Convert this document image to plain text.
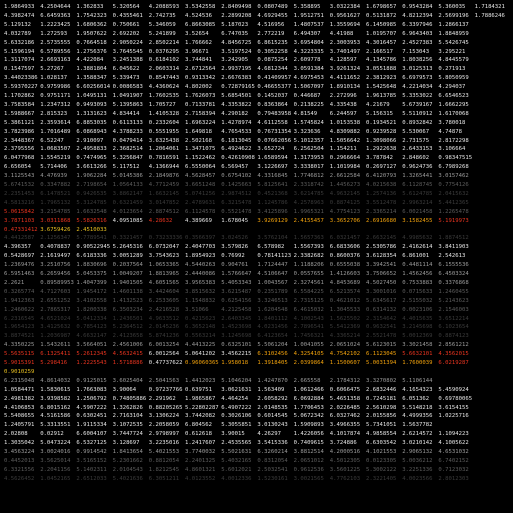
1.9864933 4.2504644 1.362833 5.320564 4.2088593 3.5342558 2.8409498 0.0807489 5.358895 3.0322384 1.6798657 0.9543284 5.360035 1.7184321
4.3982474 6.6459363 1.7542323 0.4355461 2.742735 4.524536 2.2899208 4.6929455 1.9512751 0.9561627 0.5131872 4.8212394 2.5699196 1.7886246
5.129132 1.2223425 1.6806362 0.750661 5.346059 6.8663085 5.187023 4.516956 1.4807537 1.3559694 6.1450985 6.3397946 1.2866137
4.032789 1.272593 1.9507622 2.692202 5.241899 3.52654 6.747035 2.772219 6.494307 4.41988 1.0195707 6.9643403 1.8848959
5.6332186 2.5735555 0.7664518 2.9050224 2.8502214 1.766662 4.8456725 6.8615235 3.6954804 2.3003953 4.3016457 2.4527383 5.5426745
5.1596194 6.5789556 1.2756376 3.7645545 0.0376295 3.96671 3.5197524 0.3052258 4.3223335 3.7401497 2.166517 7.153043 3.295221
1.3117074 2.6693163 4.422084 3.2451388 0.6184102 3.744841 3.242905 0.0875254 2.609778 4.128597 4.1345786 1.8038256 4.8445579
0.1547597 5.27267 1.3881804 6.045622 2.0603314 2.6712564 2.9937195 4.6812344 3.0591384 3.9261324 3.0551888 3.0125313 0.271913
3.44023386 1.028137 1.3588347 5.339473 0.8547443 0.9313342 2.6676383 0.41409957 4.6975453 4.4111652 2.3812923 6.6979573 5.8050959
5.59370227 0.9759986 6.60256014 0.0086583 4.4360624 4.802002 0.72879165 0.46655377 1.5067097 1.8910134 1.5425648 4.2214034 4.294037
1.1702862 0.9751171 1.0495131 1.0491907 1.7602535 1.7626073 5.6854501 0.1452037 0.446687 2.272996 1.9613785 5.3353022 6.6546523
3.7583584 1.2347312 0.9493093 5.1395863 1.705727 0.7133781 4.3353822 0.8363864 0.2138225 4.335438 4.21679 5.6739167 1.6662295
1.5988667 2.815323 1.3131623 4.834414 1.4105328 2.7158394 4.290182 0.79483958 4.81549 6.244597 5.156315 5.5110912 1.6170068
5.3861121 2.3593614 6.8853035 0.6113133 0.2332604 1.6963224 1.4278974 4.6112558 1.5745824 1.0153538 0.1934521 0.8932842 3.780018
3.7823986 1.7016489 6.0868943 4.3788233 0.5551955 1.649818 4.7654533 0.76731354 3.323636 4.8309882 0.9239528 5.530067 4.74878
2.3448367 6.52247 2.910097 0.0479414 3.6325438 2.502168 6.1813045 0.07662056 5.1012357 1.5056642 1.3098066 2.731575 2.8172298
2.3795556 1.0683507 2.4958833 2.3682514 1.2064061 1.3471075 6.4924622 3.652724 6.2562504 1.154211 1.2922638 2.6433153 3.106664
6.0477968 1.5545219 0.7474965 5.3256847 0.7816591 1.1522462 0.42610908 1.6589594 1.3173953 0.2966664 3.787842 2.848602 0.98347515
6.656054 5.714406 3.6613266 5.117512 4.1366944 6.5550064 6.569457 3.1226697 3.3338017 1.1019984 0.2697127 0.9624736 6.7989268
3.1125543 4.476939 1.9062284 5.0145386 2.1849876 4.5628457 0.6754102 4.3316845 1.7746812 2.6612584 6.4120793 1.3265441 3.0157462
5.6741532 0.3347882 2.7198654 1.0564133 4.7712459 3.6651248 0.1425663 5.8125641 2.3318742 1.4456273 4.0215638 6.1128745 0.7754126
2.2351453 6.1478521 0.9426535 3.8862147 1.6632145 5.0741256 2.9874512 0.4521368 3.6214785 4.9632145 1.2574136 5.6124785 2.0415632
4.5813216 1.7965132 5.3124785 0.6321459 3.0147852 2.4789631 6.3215478 1.1245786 4.2578963 0.8874125 3.5512478 2.9963214 5.4412365
5.0615842 3.2154785 1.6632548 4.0123654 2.8874512 6.1124578 0.5521478 3.4125896 1.9965321 4.7754123 2.3365214 6.0021458 1.2265478
3.7871103 3.0311868 5.5826316 4.0951085 4.28632 4.389669 1.678045 3.9269129 2.4155457 3.3652706 2.6916680 3.1582455 5.1919973
0.47331412 3.6759426 2.4510033
4.4412587 2.1256347 5.7789541 0.3321457 0.73233336 0.3566397 3.024526 3.5762104 1.5657363 6.0321457 2.6632145 4.9985632 1.8874512
4.396357 0.4078837 0.90522945 5.2645316 6.0732047 2.4047703 3.579826 6.578982 1.5567393 6.6833606 2.5305786 2.4162614 3.8411903
0.5428697 2.1619497 6.6183336 3.0051289 3.7543623 1.8954923 0.76992 0.78141123 2.3382682 0.8600376 3.6128354 6.861001 2.542613
1.2369476 3.2510756 1.8830696 0.2037564 1.0653365 4.5440263 0.904761 1.7124447 1.1188206 0.6555038 3.3942541 0.4481114 6.1555536
6.5951463 6.2659456 5.0453375 1.0049207 1.8813965 2.4440086 1.5766647 4.5106647 0.0557655 1.4126603 3.7506652 1.4562456 6.4503324
2.2621	0.89589953 1.4047399 1.9401505 4.6051565 3.9565383 5.4053343 1.0043567 2.3274561 4.8453689 4.5027450 0.7533883 0.3376868
0.3265774 4.7127603 1.9454172 1.4601138 3.4424604 3.8515632 3.6215487 0.2351789 6.5584225 6.5213574 3.3001016 0.0715633 1.2460455
1.9412363 2.6551252 3.4102558 1.4132523 6.2533605 1.1548832 0.6254156 3.3246513 2.7315125 0.4621012 5.6345617 2.5155032 5.2143623
1.2460622 2.7865317 1.8200338 6.3503234 2.4216528 3.51066 4.2125458 1.6204548 6.4615032 1.3045533 0.6314132 0.0023106 2.1546003
6.2316545 4.6521024 5.0412334 1.2436501 4.9633512 0.4215623 2.6403345 1.8401112 4.1002543 1.5625502 2.3154642 4.4015635 3.6512214
1.9654123 3.4125632 0.7854123 5.2364512 2.0145236 6.3652148 1.4523698 4.0231456 2.7896541 5.5412369 0.9632541 3.2145698 6.1023654
3.8874521 1.2036987 4.6632147 2.4123658 5.8741236 0.5563214 3.1245698 6.4123654 1.7456321 4.3365214 2.5521478 5.0012369 0.8874123
4.3350225 1.5432611 3.5664051 2.4561006 6.0013254 4.4413225 0.6325101 5.5061204 1.0041055 2.0651024 5.6123015 3.3021458 2.8561212
5.5635115 6.1325411 5.2612345 4.5632415 6.0012564 5.0641202 3.4562215 6.3102456 4.3254105 4.7542102 6.1123045 5.6632101 4.3562015
5.9015391 5.298416 1.2225543 1.5718886 0.47737622 0.96060365 1.958018 1.3918405 2.0399864 1.1500607 5.0031394 1.7600039 6.0219287
0.9010259
6.2315048 4.8614032 0.9125015 3.6025404 2.5041563 1.4412023 5.1046204 1.4247870 2.665558 2.1784312 3.3270802 5.1106144
1.0584471 1.5830615 1.7663083 3.90064 0.97237766 0.639751 3.0621631 1.563409 1.0612466 0.6066475 2.6832446 4.1654323 5.4590924
2.4981382 3.9398582 1.2506792 0.74805886 2.291962 1.9865867 4.464254 2.6058292 6.0692884 5.4651358 0.7245181 6.051362 0.69780065
4.4106853 6.8015162 4.5907222 1.3262826 0.88205265 5.22802287 6.4907222 2.0148535 1.7706453 2.0226485 2.5610298 5.5148218 3.6154155
5.5408655 4.5161586 0.6302451 2.7163104 3.1306224 3.7442082 0.3026106 0.6014545 5.0672342 6.0327462 2.0155856 4.4999356 1.0225716
1.2405791 5.3313551 1.9115334 3.1072535 2.2058059 6.804562 5.3055851 3.0130243 1.5909893 3.4966355 5.7341051 1.5637782
2.02808 0.02912 6.6004107 3.7447724 2.9798997 0.612618 3.90015 4.26297 1.4226056 4.1017874 4.9858554 2.6214572 1.1094223
1.3035042 5.0473224 6.5327125 3.128697 3.2235016 1.2417607 2.4535565 3.5415336 0.7409615 3.724886 6.6303542 3.0210142 4.1005622
3.4563224 3.0024016 0.9914542 1.8413654 5.4021553 3.7740032 5.5021631 6.3260214 3.8812514 4.2000516 4.1021553 2.9065132 4.6531032
0.4452013 3.5625014 3.5165152 5.2301662 0.8812054 2.2401325 5.4032165 0.8312054 2.0651012 4.5012305 0.0123305 5.0036212 6.7402152
6.3321556 2.2041156 5.1402311 2.0104543 1.8212545 4.8601321 5.6012021 2.5032541 0.9612536 3.5601225 5.3002122 3.2251336 0.7123032
4.5626452 1.0452165 2.6512033 5.4021636 6.3051211 4.0123552 4.0012336 1.5230161 3.0021565 4.7762103 2.3221405 4.0023566 2.8012303
